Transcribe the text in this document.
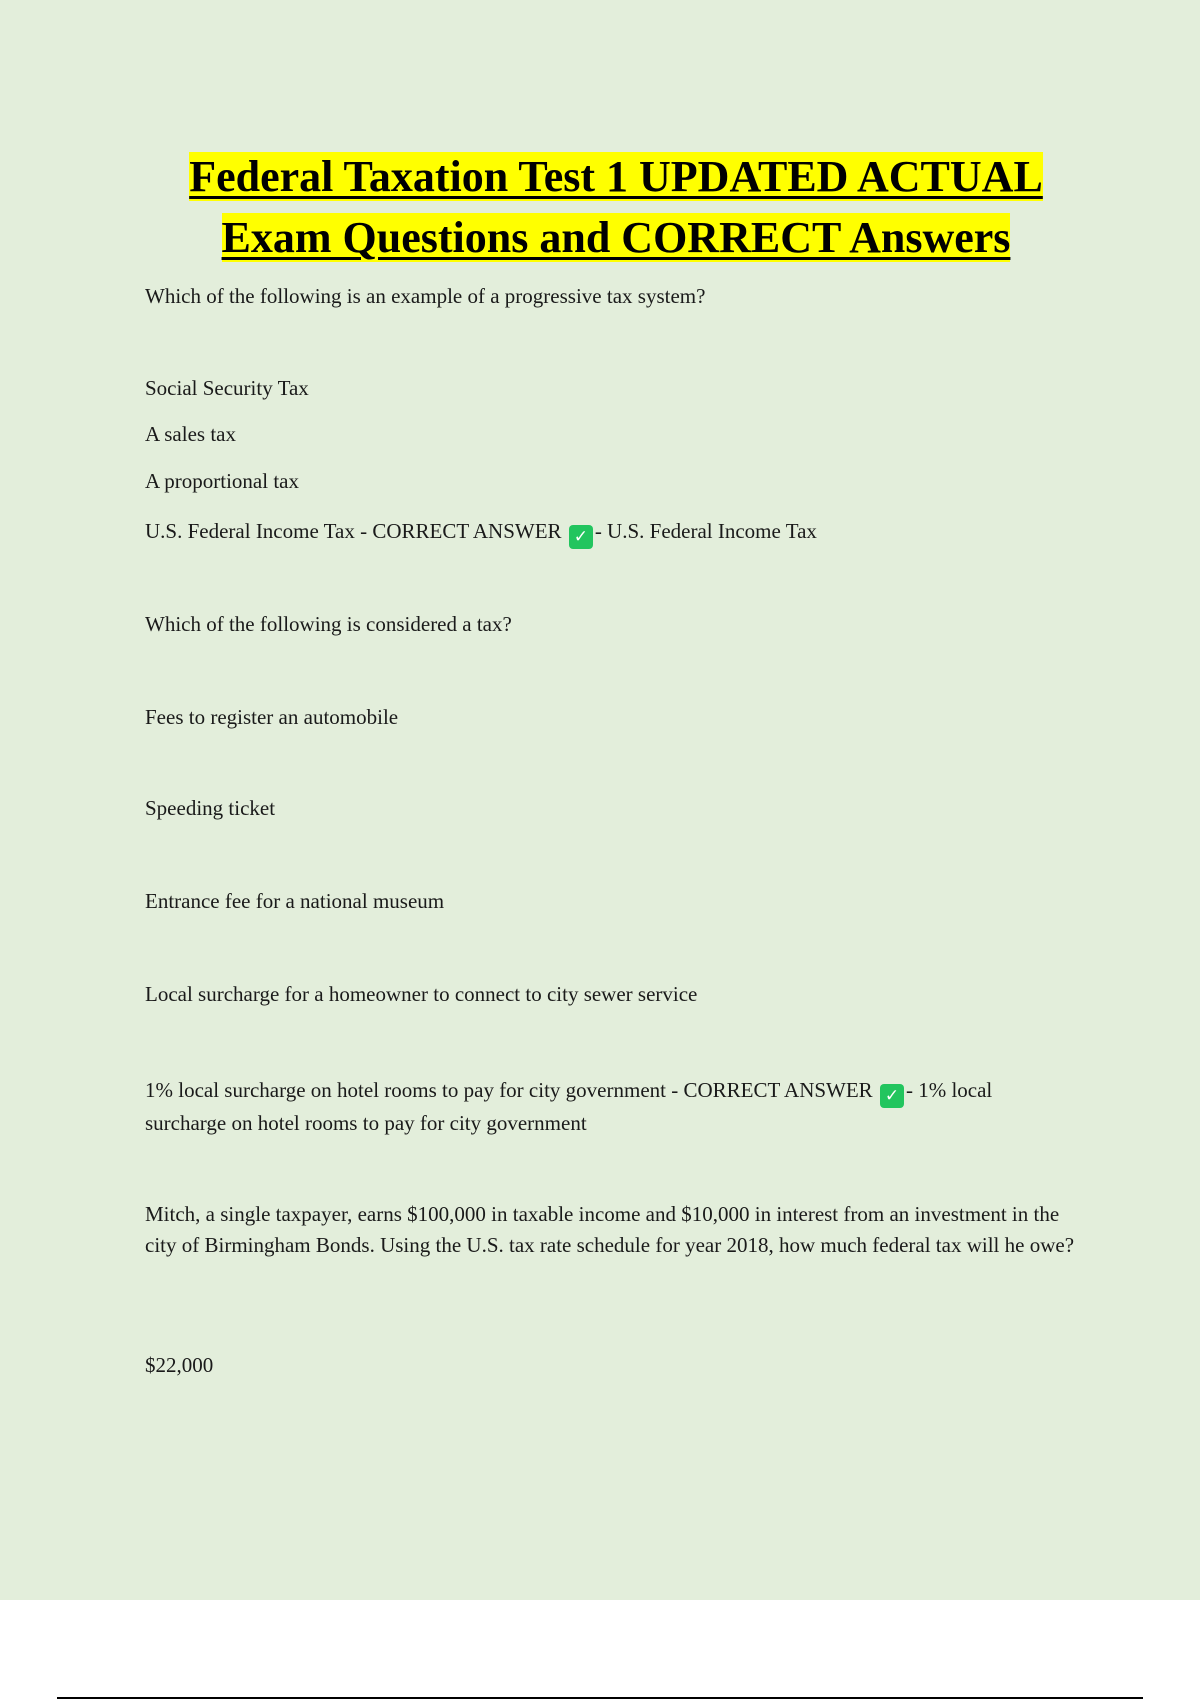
Federal Taxation Test 1 UPDATED ACTUAL
Exam Questions and CORRECT Answers

Which of the following is an example of a progressive tax system?

Social Security Tax

A sales tax

A proportional tax

U.S. Federal Income Tax - CORRECT ANSWER ✓ - U.S. Federal Income Tax

Which of the following is considered a tax?

Fees to register an automobile

Speeding ticket

Entrance fee for a national museum

Local surcharge for a homeowner to connect to city sewer service

1% local surcharge on hotel rooms to pay for city government - CORRECT ANSWER ✓ - 1% local surcharge on hotel rooms to pay for city government

Mitch, a single taxpayer, earns $100,000 in taxable income and $10,000 in interest from an investment in the city of Birmingham Bonds. Using the U.S. tax rate schedule for year 2018, how much federal tax will he owe?

$22,000
